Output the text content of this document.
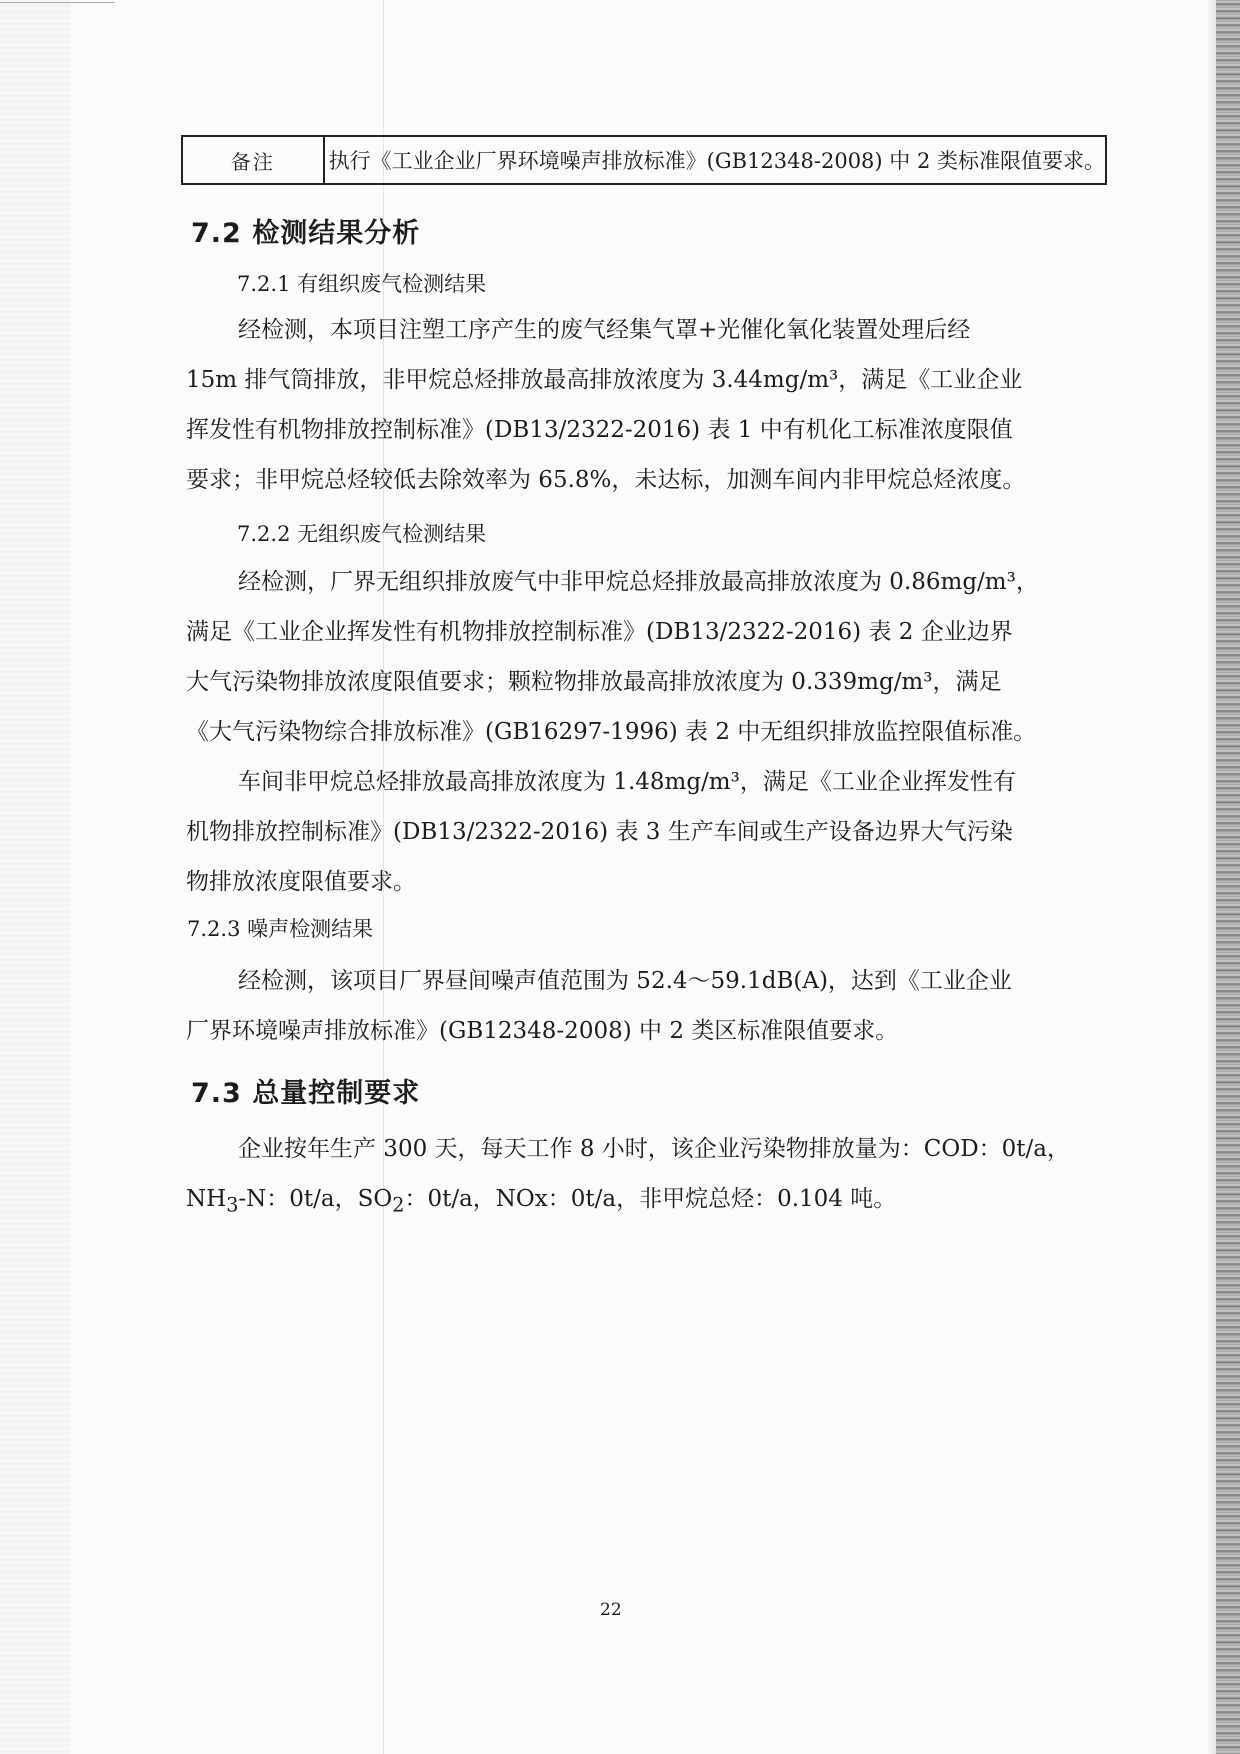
备注	执行《工业企业厂界环境噪声排放标准》(GB12348-2008) 中 2 类标准限值要求。
7.2 检测结果分析
7.2.1 有组织废气检测结果
经检测，本项目注塑工序产生的废气经集气罩+光催化氧化装置处理后经
15m 排气筒排放，非甲烷总烃排放最高排放浓度为 3.44mg/m³，满足《工业企业
挥发性有机物排放控制标准》(DB13/2322-2016) 表 1 中有机化工标准浓度限值
要求；非甲烷总烃较低去除效率为 65.8%，未达标，加测车间内非甲烷总烃浓度。
7.2.2 无组织废气检测结果
经检测，厂界无组织排放废气中非甲烷总烃排放最高排放浓度为 0.86mg/m³，
满足《工业企业挥发性有机物排放控制标准》(DB13/2322-2016) 表 2 企业边界
大气污染物排放浓度限值要求；颗粒物排放最高排放浓度为 0.339mg/m³，满足
《大气污染物综合排放标准》(GB16297-1996) 表 2 中无组织排放监控限值标准。
车间非甲烷总烃排放最高排放浓度为 1.48mg/m³，满足《工业企业挥发性有
机物排放控制标准》(DB13/2322-2016) 表 3 生产车间或生产设备边界大气污染
物排放浓度限值要求。
7.2.3 噪声检测结果
经检测，该项目厂界昼间噪声值范围为 52.4～59.1dB(A)，达到《工业企业
厂界环境噪声排放标准》(GB12348-2008) 中 2 类区标准限值要求。
7.3 总量控制要求
企业按年生产 300 天，每天工作 8 小时，该企业污染物排放量为：COD：0t/a，
$NH_3-N$：0t/a，$SO_2$：0t/a，NOx：0t/a，非甲烷总烃：0.104 吨。
22
